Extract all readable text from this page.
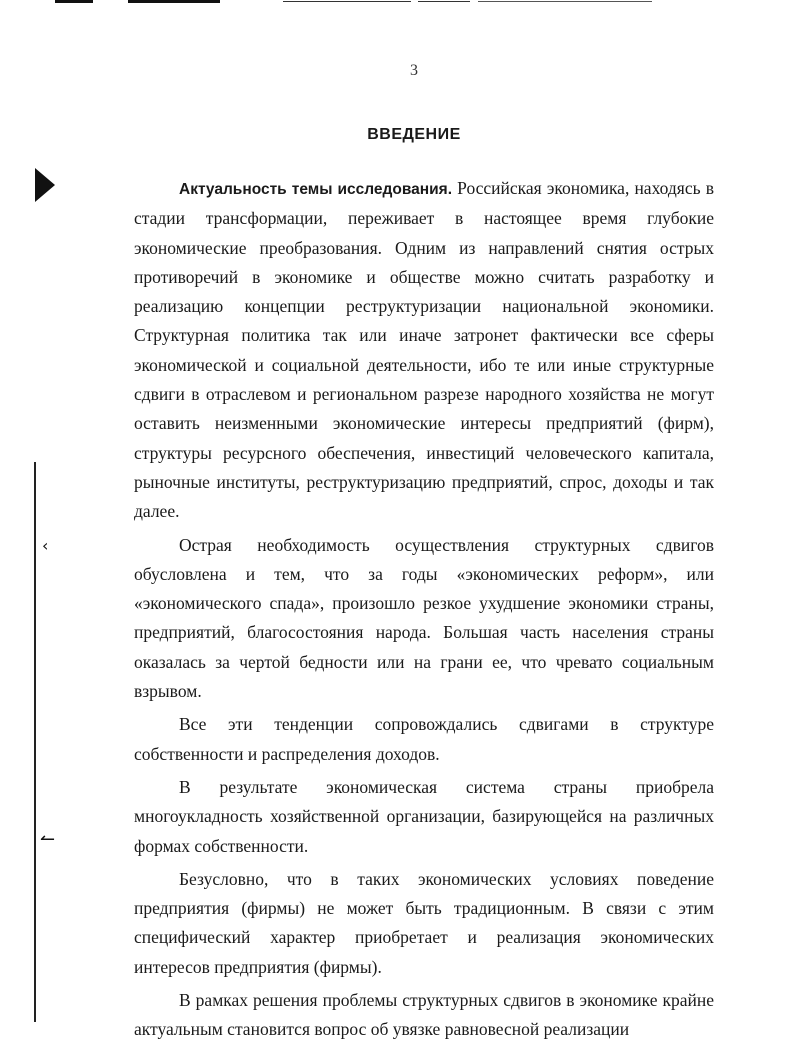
‹
↼
3
ВВЕДЕНИЕ

Актуальность темы исследования. Российская экономика, находясь в стадии трансформации, переживает в настоящее время глубокие экономические преобразования. Одним из направлений снятия острых противоречий в экономике и обществе можно считать разработку и реализацию концепции реструктуризации национальной экономики. Структурная политика так или иначе затронет фактически все сферы экономической и социальной деятельности, ибо те или иные структурные сдвиги в отраслевом и региональном разрезе народного хозяйства не могут оставить неизменными экономические интересы предприятий (фирм), структуры ресурсного обеспечения, инвестиций человеческого капитала, рыночные институты, реструктуризацию предприятий, спрос, доходы и так далее.

Острая необходимость осуществления структурных сдвигов обусловлена и тем, что за годы «экономических реформ», или «экономического спада», произошло резкое ухудшение экономики страны, предприятий, благосостояния народа. Большая часть населения страны оказалась за чертой бедности или на грани ее, что чревато социальным взрывом.

Все эти тенденции сопровождались сдвигами в структуре собственности и распределения доходов.

В результате экономическая система страны приобрела многоукладность хозяйственной организации, базирующейся на различных формах собственности.

Безусловно, что в таких экономических условиях поведение предприятия (фирмы) не может быть традиционным. В связи с этим специфический характер приобретает и реализация экономических интересов предприятия (фирмы).

В рамках решения проблемы структурных сдвигов в экономике крайне актуальным становится вопрос об увязке равновесной реализации
